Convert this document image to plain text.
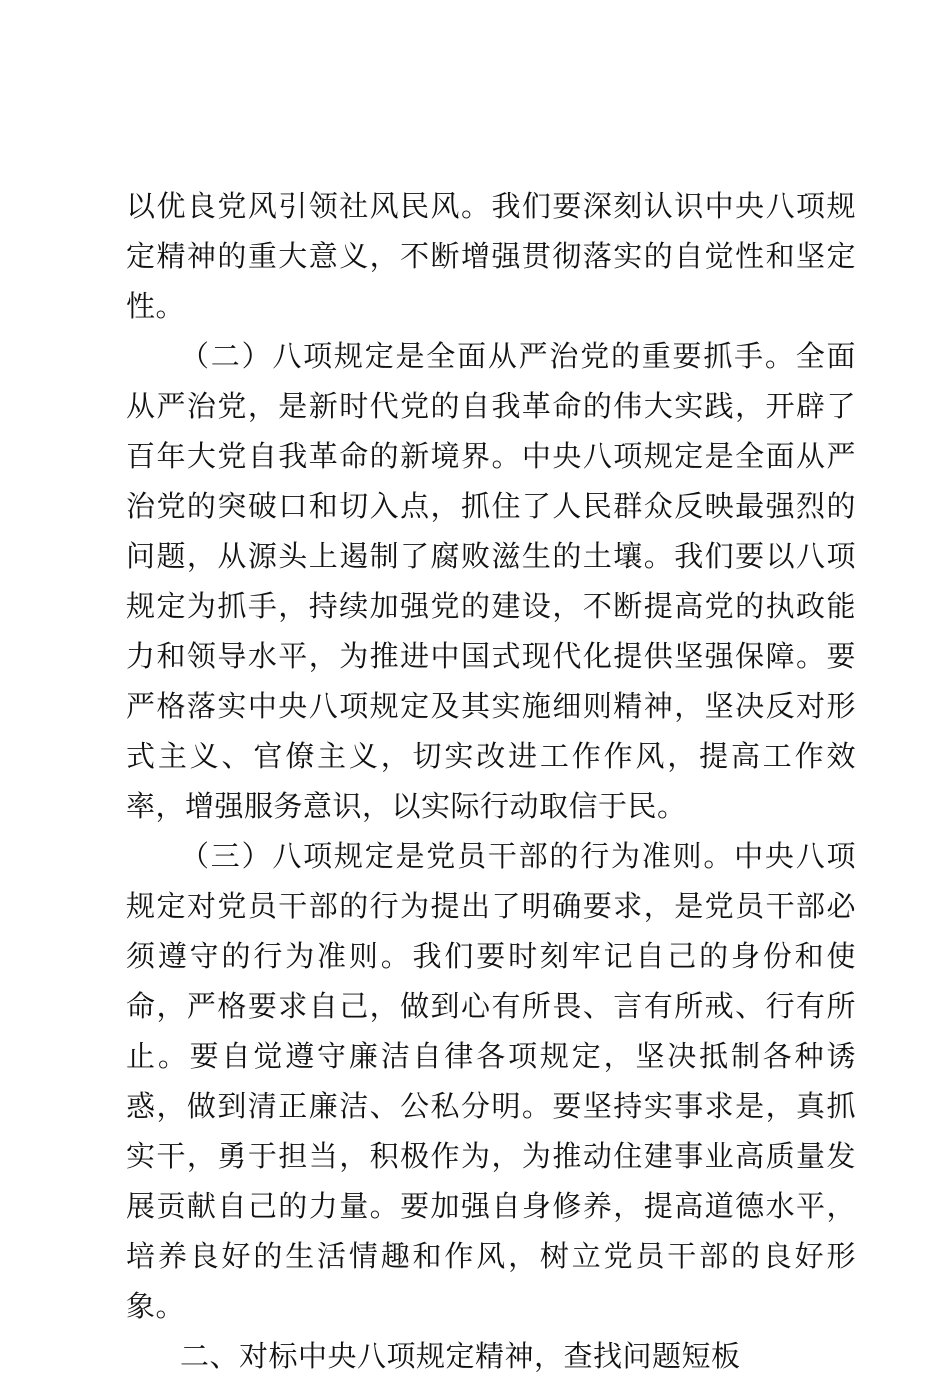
以优良党风引领社风民风。我们要深刻认识中央八项规定精神的重大意义，不断增强贯彻落实的自觉性和坚定性。

（二）八项规定是全面从严治党的重要抓手。全面从严治党，是新时代党的自我革命的伟大实践，开辟了百年大党自我革命的新境界。中央八项规定是全面从严治党的突破口和切入点，抓住了人民群众反映最强烈的问题，从源头上遏制了腐败滋生的土壤。我们要以八项规定为抓手，持续加强党的建设，不断提高党的执政能力和领导水平，为推进中国式现代化提供坚强保障。要严格落实中央八项规定及其实施细则精神，坚决反对形式主义、官僚主义，切实改进工作作风，提高工作效率，增强服务意识，以实际行动取信于民。

（三）八项规定是党员干部的行为准则。中央八项规定对党员干部的行为提出了明确要求，是党员干部必须遵守的行为准则。我们要时刻牢记自己的身份和使命，严格要求自己，做到心有所畏、言有所戒、行有所止。要自觉遵守廉洁自律各项规定，坚决抵制各种诱惑，做到清正廉洁、公私分明。要坚持实事求是，真抓实干，勇于担当，积极作为，为推动住建事业高质量发展贡献自己的力量。要加强自身修养，提高道德水平，培养良好的生活情趣和作风，树立党员干部的良好形象。

二、对标中央八项规定精神，查找问题短板
